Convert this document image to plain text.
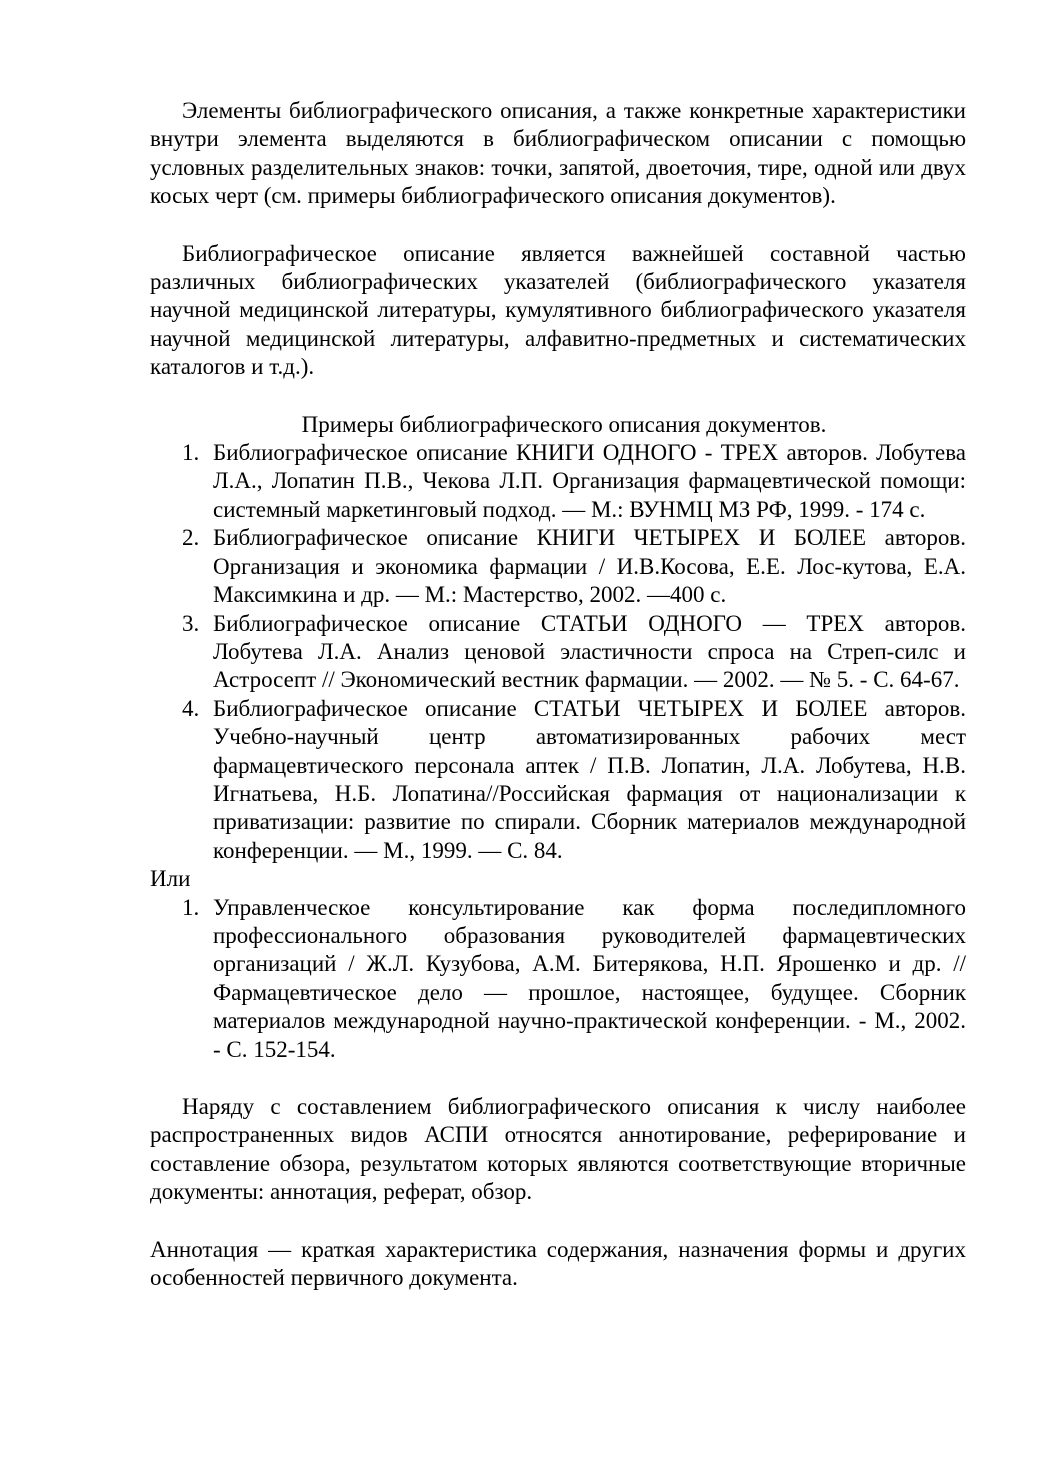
Элементы библиографического описания, а также конкретные характеристики внутри элемента выделяются в библиографическом описании с помощью условных разделительных знаков: точки, запятой, двоеточия, тире, одной или двух косых черт (см. примеры библиографического описания документов).

Библиографическое описание является важнейшей составной частью различных библиографических указателей (библиографического указателя научной медицинской литературы, кумулятивного библиографического указателя научной медицинской литературы, алфавитно-предметных и систематических каталогов и т.д.).

Примеры библиографического описания документов.

1. Библиографическое описание КНИГИ ОДНОГО - ТРЕХ авторов. Лобутева Л.А., Лопатин П.В., Чекова Л.П. Организация фармацевтической помощи: системный маркетинговый подход. — М.: ВУНМЦ МЗ РФ, 1999. - 174 с.
2. Библиографическое описание КНИГИ ЧЕТЫРЕХ И БОЛЕЕ авторов. Организация и экономика фармации / И.В.Косова, Е.Е. Лос-кутова, Е.А. Максимкина и др. — М.: Мастерство, 2002. —400 с.
3. Библиографическое описание СТАТЬИ ОДНОГО — ТРЕХ авторов. Лобутева Л.А. Анализ ценовой эластичности спроса на Стреп-силс и Астросепт // Экономический вестник фармации. — 2002. — № 5. - С. 64-67.
4. Библиографическое описание СТАТЬИ ЧЕТЫРЕХ И БОЛЕЕ авторов. Учебно-научный центр автоматизированных рабочих мест фармацевтического персонала аптек / П.В. Лопатин, Л.А. Лобутева, Н.В. Игнатьева, Н.Б. Лопатина//Российская фармация от национализации к приватизации: развитие по спирали. Сборник материалов международной конференции. — М., 1999. — С. 84.

Или

1. Управленческое консультирование как форма последипломного профессионального образования руководителей фармацевтических организаций / Ж.Л. Кузубова, А.М. Битерякова, Н.П. Ярошенко и др. // Фармацевтическое дело — прошлое, настоящее, будущее. Сборник материалов международной научно-практической конференции. - М., 2002. - С. 152-154.

Наряду с составлением библиографического описания к числу наиболее распространенных видов АСПИ относятся аннотирование, реферирование и составление обзора, результатом которых являются соответствующие вторичные документы: аннотация, реферат, обзор.

Аннотация — краткая характеристика содержания, назначения формы и других особенностей первичного документа.
